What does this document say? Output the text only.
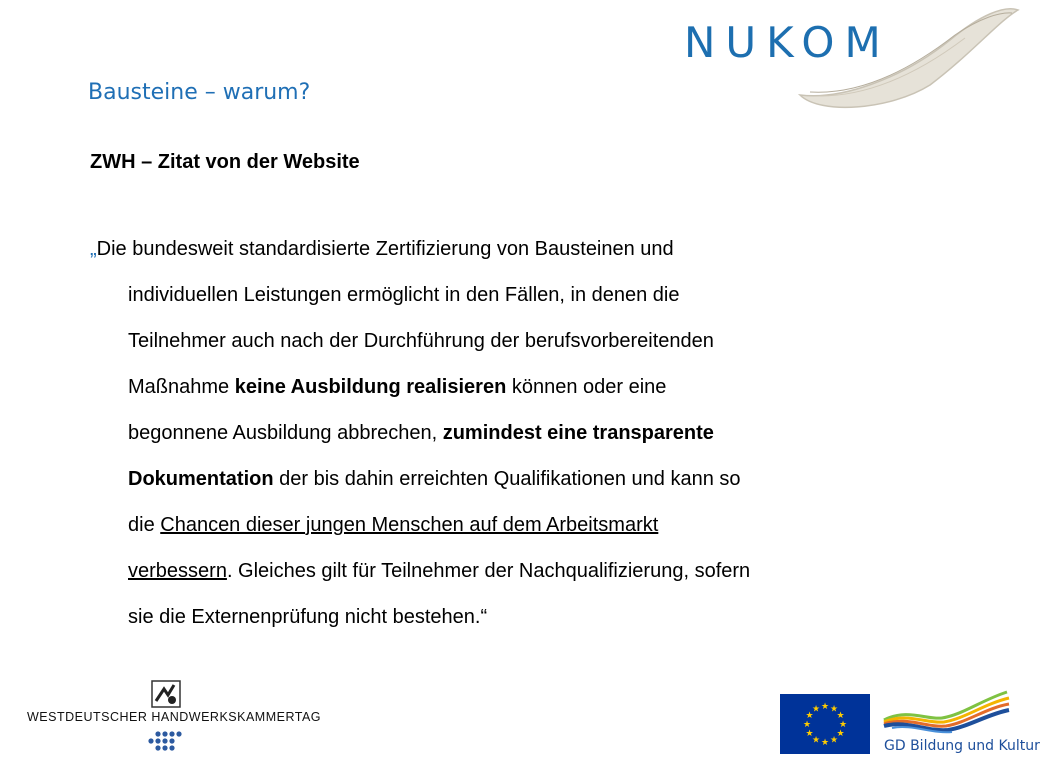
NUKOM
Bausteine – warum?
ZWH – Zitat von der Website
„Die bundesweit standardisierte Zertifizierung von Bausteinen und
individuellen Leistungen ermöglicht in den Fällen, in denen die
Teilnehmer auch nach der Durchführung der berufsvorbereitenden
Maßnahme keine Ausbildung realisieren können oder eine
begonnene Ausbildung abbrechen, zumindest eine transparente
Dokumentation der bis dahin erreichten Qualifikationen und kann so
die Chancen dieser jungen Menschen auf dem Arbeitsmarkt
verbessern. Gleiches gilt für Teilnehmer der Nachqualifizierung, sofern
sie die Externenprüfung nicht bestehen.“
WESTDEUTSCHER HANDWERKSKAMMERTAG
★ ★
★
★
★
★
★
★
★
★
★
★
GD Bildung und Kultur
